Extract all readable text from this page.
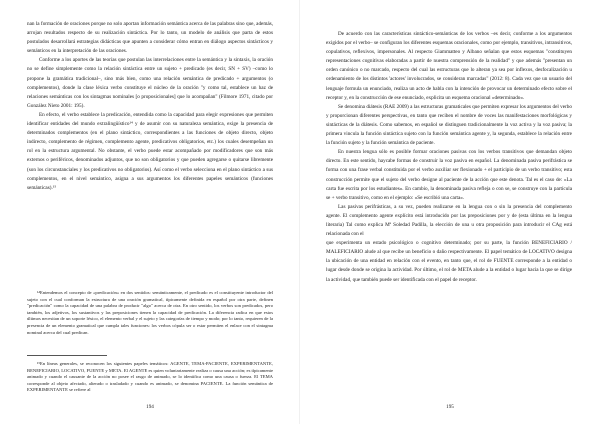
nan la formación de oraciones porque no solo aportan información semántica acerca de las palabras sino que, además, arrojan resultados respecto de su realización sintáctica. Por lo tanto, un modelo de análisis que parta de estos postulados desarrollará estrategias didácticas que apunten a considerar cómo entran en diálogo aspectos sintácticos y semánticos en la interpretación de las oraciones.

Conforme a los aportes de las teorías que postulan las interrelaciones entre la semántica y la sintaxis, la oración no se define simplemente como la relación sintáctica entre un sujeto + predicado (es decir, SN + SV) –como lo propone la gramática tradicional–, sino más bien, como una relación semántica de predicado + argumentos (o complementos), donde la clase léxica verbo constituye el núcleo de la oración "y como tal, establece un haz de relaciones semánticas con los sintagmas nominales [o proposicionales] que lo acompañan" (Filmore 1971, citado por González Nieto 2001: 195).

En efecto, el verbo establece la predicación, entendida como la capacidad para elegir expresiones que permiten identificar entidades del mundo extralingüístico¹⁴ y de asumir con su naturaleza semántica, exige la presencia de determinados complementos (en el plano sintáctico, correspondientes a las funciones de objeto directo, objeto indirecto, complemento de régimen, complemento agente, predicativos obligatorios, etc.) los cuales desempeñan un rol en la estructura argumental. No obstante, el verbo puede estar acompañado por modificadores que son más externos o periféricos, denominados adjuntos, que no son obligatorios y que pueden agregarse o quitarse libremente (son los circunstanciales y los predicativos no obligatorios). Así como el verbo selecciona en el plano sintáctico a sus complementos, en el nivel semántico, asigna a sus argumentos los diferentes papeles semánticos (funciones semánticas).¹⁵

¹⁴Entendemos el concepto de «predicación» en dos sentidos: semánticamente, el predicado es el constituyente introductor del sujeto con el cual conforman la estructura de una oración gramatical, típicamente definida en español por otra parte, definen "predicación" como la capacidad de una palabra de producir "algo" acerca de otra. En otro sentido, los verbos son predicados, pero también, los adjetivos, los sustantivos y las preposiciones tienen la capacidad de predicación. La diferencia radica en que estos últimos necesitan de un soporte léxico, el elemento verbal y el sujeto y las categorías de tiempo y modo; por lo tanto, requieren de la presencia de un elemento gramatical que cumpla tales funciones: los verbos cópula ser o estar permiten el enlace con el sintagma nominal acerca del cual predican.

¹⁵En líneas generales, se reconocen los siguientes papeles temáticos: AGENTE, TEMA-PACIENTE, EXPERIMENTANTE, BENEFICIARIO, LOCATIVO, FUENTE y META. El AGENTE es quien voluntariamente realiza o causa una acción; es típicamente animado y cuando el causante de la acción no posee el rasgo de animado, se lo identifica como una causa o fuerza. El TEMA corresponde al objeto afectado, alterado o trasladado y cuando es animado, se denomina PACIENTE. La función semántica de EXPERIMENTANTE se refiere al

194

De acuerdo con las características sintáctico-semánticas de los verbos –es decir, conforme a los argumentos exigidos por el verbo– se configuran los diferentes esquemas oracionales, como por ejemplo, transitivos, intransitivos, copulativos, reflexivos, impersonales. Al respecto Giammatteo y Albano señalan que estos esquemas "constituyen representaciones cognitivas elaboradas a partir de nuestra comprensión de la realidad" y que además "presentan un orden canónico o no marcado, respecto del cual las estructuras que lo alteran ya sea por inflexos, desfocalización u ordenamiento de los distintos 'actores' involucrados, se consideran marcadas" (2012: 8). Cada vez que un usuario del lenguaje formula un enunciado, realiza un acto de habla con la intención de provocar un determinado efecto sobre el receptor y, en la construcción de ese enunciado, explicita un esquema oracional «determinado».

Se denomina diátesis (RAE 2009) a las estructuras gramaticales que permiten expresar los argumentos del verbo y proporcionan diferentes perspectivas, en tanto que reciben el nombre de voces las manifestaciones morfológicas y sintácticas de la diátesis. Como sabemos, en español se distinguen tradicionalmente la voz activa y la voz pasiva; la primera vincula la función sintáctica sujeto con la función semántica agente y, la segunda, establece la relación entre la función sujeto y la función semántica de paciente.

En nuestra lengua sólo es posible formar oraciones pasivas con los verbos transitivos que demandan objeto directo. En este sentido, haycabe formas de construir la voz pasiva en español. La denominada pasiva perifrástica se forma con una frase verbal constituida por el verbo auxiliar ser flexionado + el participio de un verbo transitivo; esta construcción permite que el sujeto del verbo designe al paciente de la acción que este denota. Tal es el caso de: «La carta fue escrita por los estudiantes». En cambio, la denominada pasiva refleja o con se, se construye con la partícula se + verbo transitivo, como en el ejemplo: «Se escribió una carta».

Las pasivas perifrásticas, a su vez, pueden realizarse en la lengua con o sin la presencia del complemento agente. El complemento agente explícito está introducido por las preposiciones por y de (esta última en la lengua literaria) Tal como explica Mª Soledad Padilla, la elección de una u otra proposición para introducir el CAg está relacionada con el

que experimenta un estado psicológico o cognitivo determinado; por su parte, la función BENEFICIARIO / MALEFICIARIO alude al que recibe un beneficio o daño respectivamente. El papel temático de LOCATIVO designa la ubicación de una entidad en relación con el evento, en tanto que, el rol de FUENTE corresponde a la entidad o lugar desde donde se origina la actividad. Por último, el rol de META alude a la entidad o lugar hacia la que se dirige la actividad, que también puede ser identificada con el papel de receptor.

195
